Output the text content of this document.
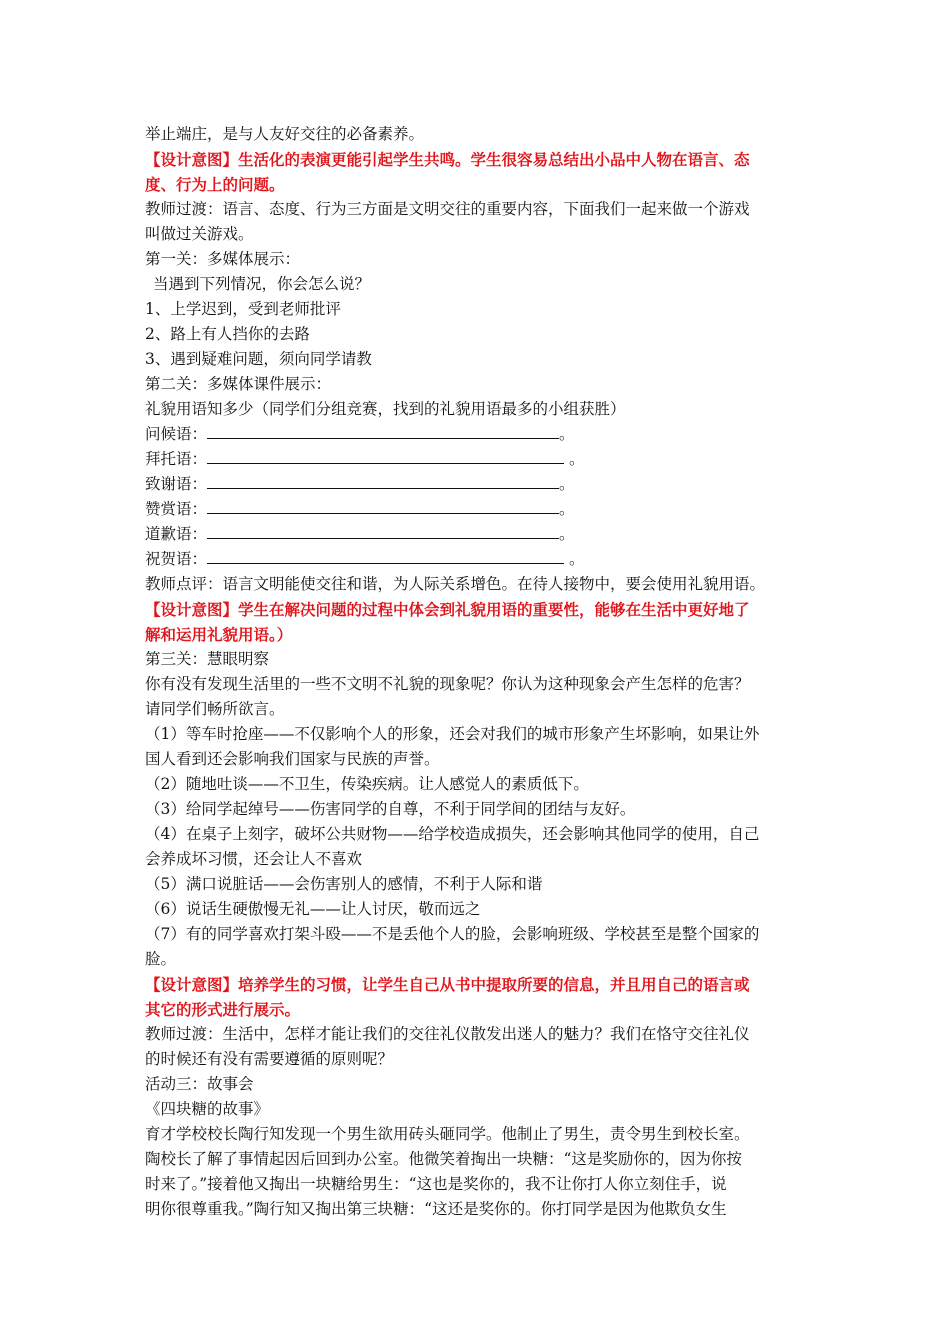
举止端庄，是与人友好交往的必备素养。
【设计意图】生活化的表演更能引起学生共鸣。学生很容易总结出小品中人物在语言、态
度、行为上的问题。
教师过渡：语言、态度、行为三方面是文明交往的重要内容，下面我们一起来做一个游戏
叫做过关游戏。
第一关：多媒体展示：
当遇到下列情况，你会怎么说？
1、上学迟到，受到老师批评
2、路上有人挡你的去路
3、遇到疑难问题，须向同学请教
第二关：多媒体课件展示：
礼貌用语知多少（同学们分组竞赛，找到的礼貌用语最多的小组获胜）
问候语：	。
拜托语：	。
致谢语：	。
赞赏语：	。
道歉语：	。
祝贺语：	。
教师点评：语言文明能使交往和谐，为人际关系增色。在待人接物中，要会使用礼貌用语。
【设计意图】学生在解决问题的过程中体会到礼貌用语的重要性，能够在生活中更好地了
解和运用礼貌用语。）
第三关：慧眼明察
你有没有发现生活里的一些不文明不礼貌的现象呢？你认为这种现象会产生怎样的危害？
请同学们畅所欲言。
（1）等车时抢座——不仅影响个人的形象，还会对我们的城市形象产生坏影响，如果让外
国人看到还会影响我们国家与民族的声誉。
（2）随地吐谈——不卫生，传染疾病。让人感觉人的素质低下。
（3）给同学起绰号——伤害同学的自尊，不利于同学间的团结与友好。
（4）在桌子上刻字，破坏公共财物——给学校造成损失，还会影响其他同学的使用，自己
会养成坏习惯，还会让人不喜欢
（5）满口说脏话——会伤害别人的感情，不利于人际和谐
（6）说话生硬傲慢无礼——让人讨厌，敬而远之
（7）有的同学喜欢打架斗殴——不是丢他个人的脸，会影响班级、学校甚至是整个国家的
脸。
【设计意图】培养学生的习惯，让学生自己从书中提取所要的信息，并且用自己的语言或
其它的形式进行展示。
教师过渡：生活中，怎样才能让我们的交往礼仪散发出迷人的魅力？我们在恪守交往礼仪
的时候还有没有需要遵循的原则呢？
活动三：故事会
《四块糖的故事》
育才学校校长陶行知发现一个男生欲用砖头砸同学。他制止了男生，责令男生到校长室。
陶校长了解了事情起因后回到办公室。他微笑着掏出一块糖：“这是奖励你的，因为你按
时来了。”接着他又掏出一块糖给男生：“这也是奖你的，我不让你打人你立刻住手，说
明你很尊重我。”陶行知又掏出第三块糖：“这还是奖你的。你打同学是因为他欺负女生
